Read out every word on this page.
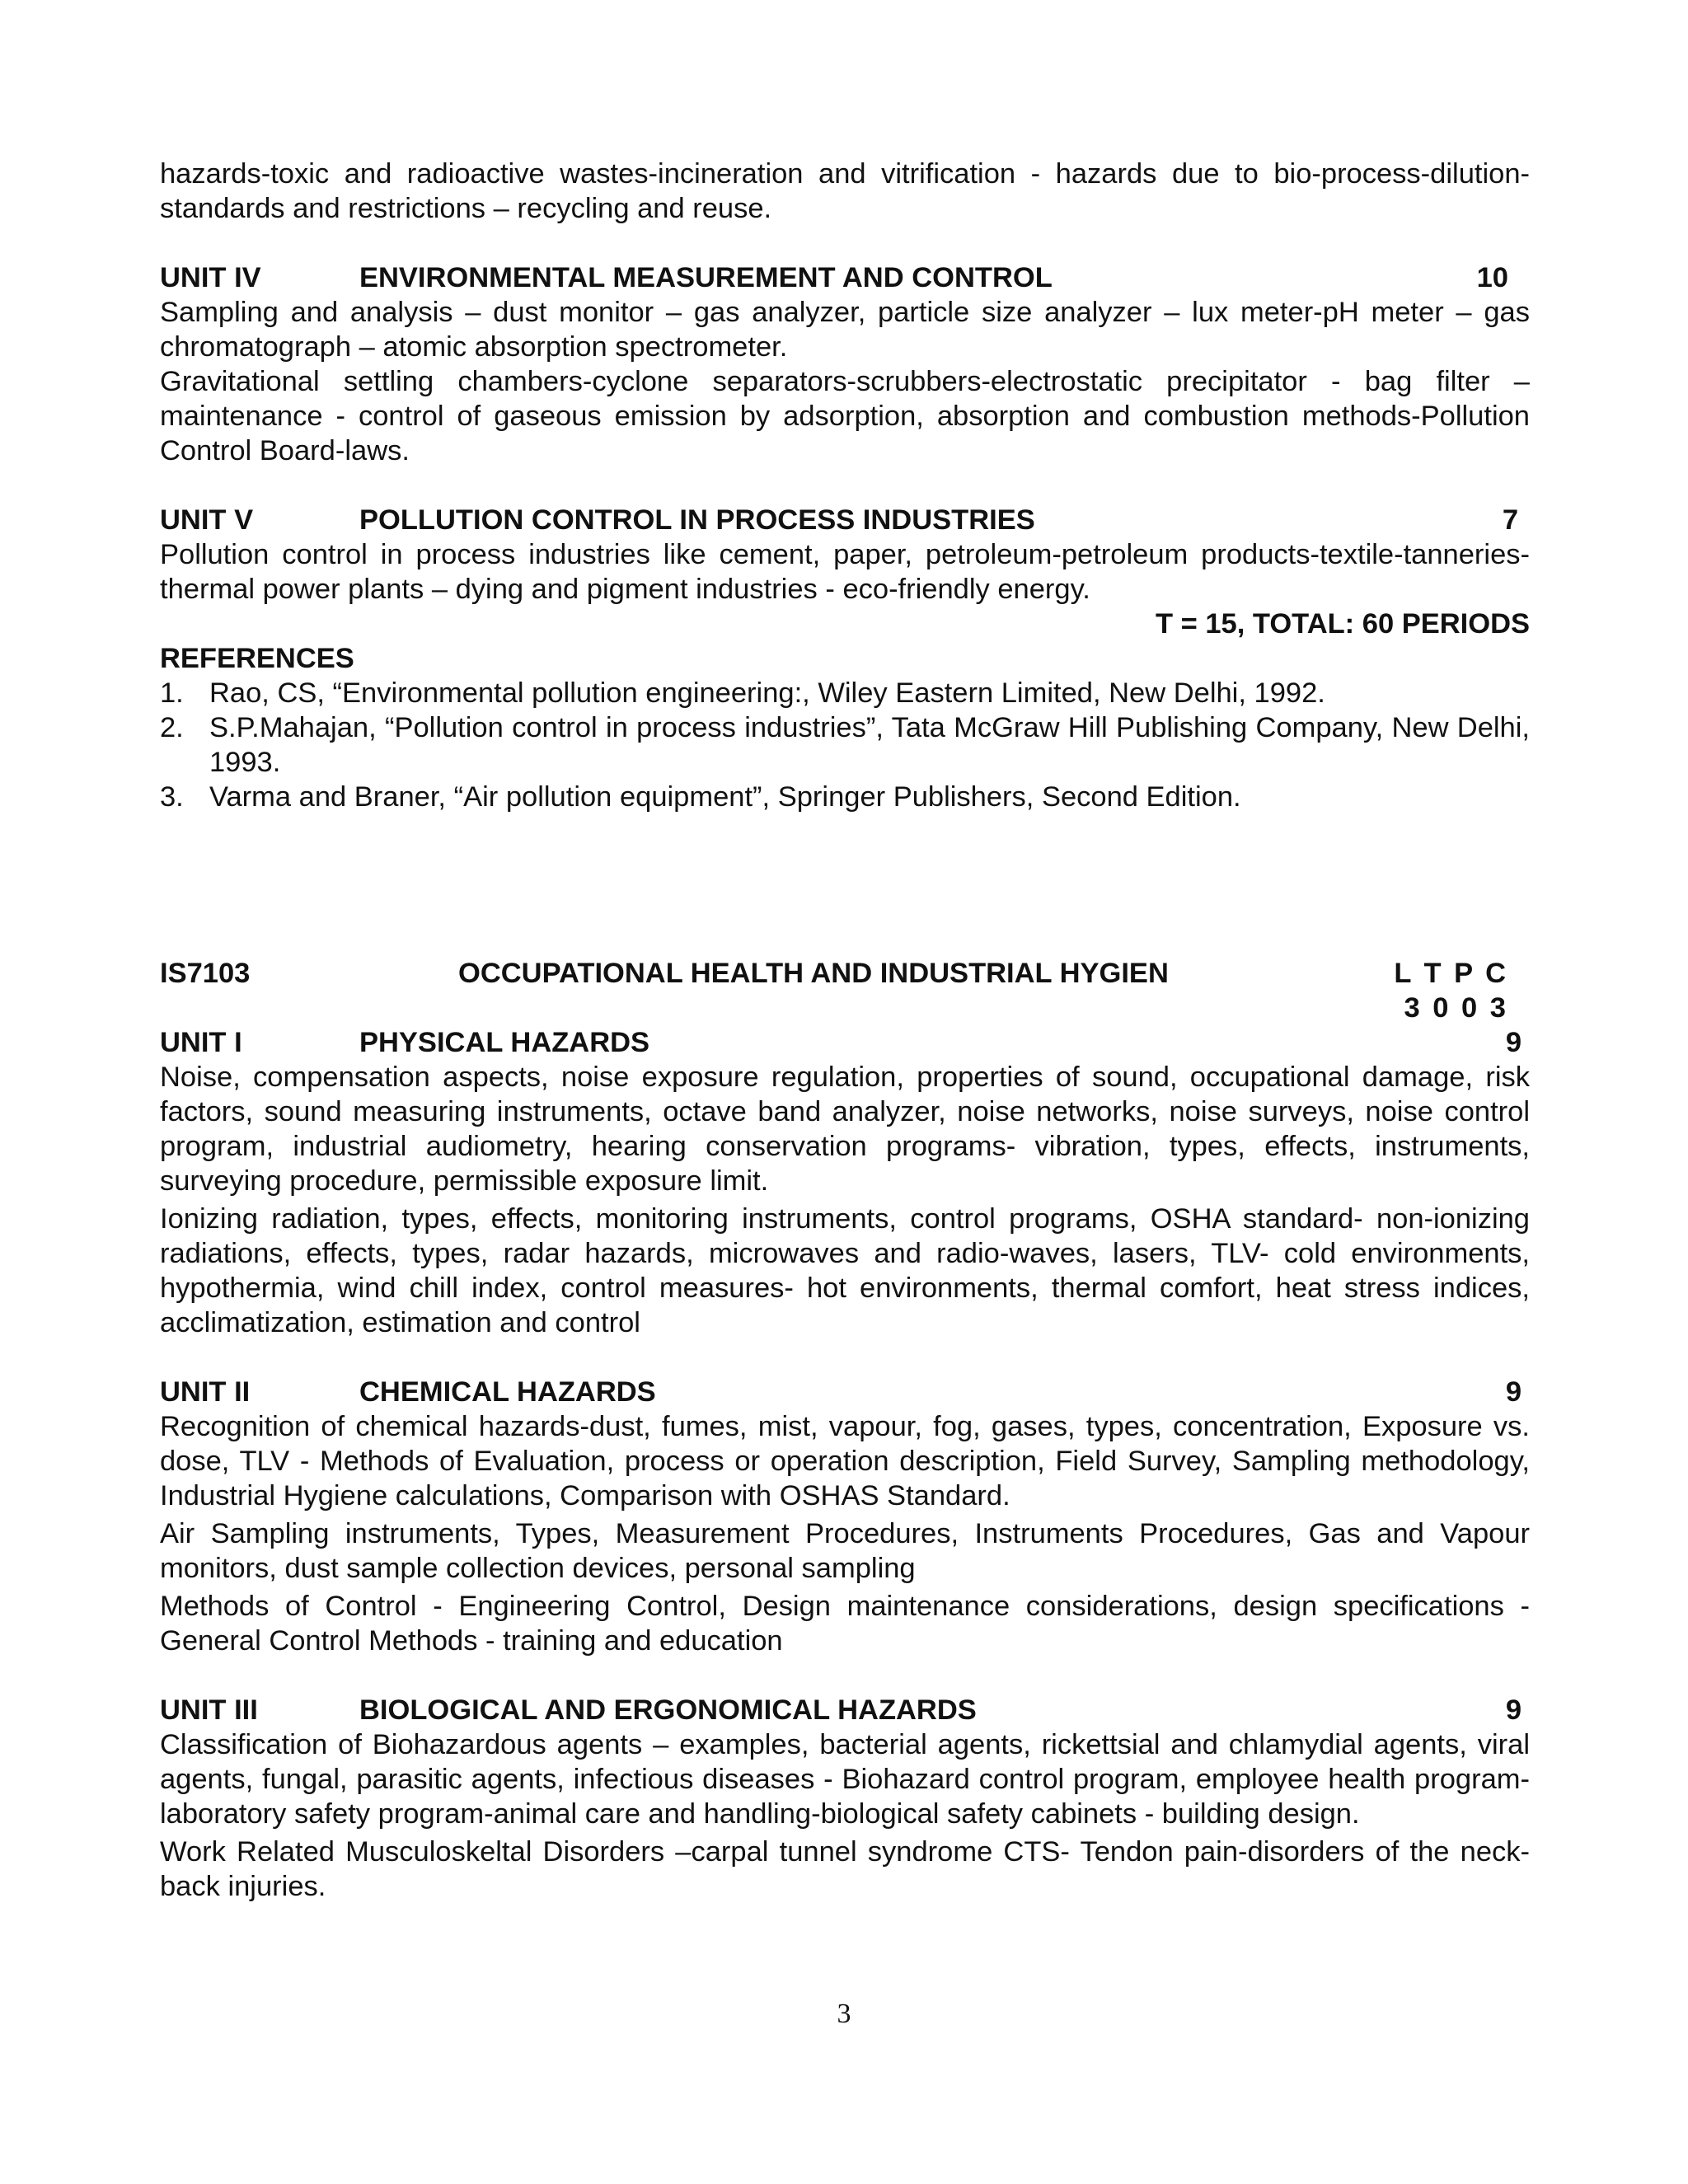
hazards-toxic and radioactive wastes-incineration and vitrification - hazards due to bio-process-dilution-standards and restrictions – recycling and reuse.

UNIT IV	ENVIRONMENTAL MEASUREMENT AND CONTROL	10

Sampling and analysis – dust monitor – gas analyzer, particle size analyzer – lux meter-pH meter – gas chromatograph – atomic absorption spectrometer.

Gravitational settling chambers-cyclone separators-scrubbers-electrostatic precipitator - bag filter – maintenance - control of gaseous emission by adsorption, absorption and combustion methods-Pollution Control Board-laws.

UNIT V	POLLUTION CONTROL IN PROCESS INDUSTRIES	7

Pollution control in process industries like cement, paper, petroleum-petroleum products-textile-tanneries-thermal power plants – dying and pigment industries - eco-friendly energy.

T = 15, TOTAL: 60 PERIODS
REFERENCES
1. Rao, CS, “Environmental pollution engineering:, Wiley Eastern Limited, New Delhi, 1992.
2. S.P.Mahajan, “Pollution control in process industries”, Tata McGraw Hill Publishing Company, New Delhi, 1993.
3. Varma and Braner, “Air pollution equipment”, Springer Publishers, Second Edition.
IS7103	OCCUPATIONAL HEALTH AND INDUSTRIAL HYGIEN	L T P C
3 0 0 3
UNIT I	PHYSICAL HAZARDS	9

Noise, compensation aspects, noise exposure regulation, properties of sound, occupational damage, risk factors, sound measuring instruments, octave band analyzer, noise networks, noise surveys, noise control program, industrial audiometry, hearing conservation programs- vibration, types, effects, instruments, surveying procedure, permissible exposure limit.

Ionizing radiation, types, effects, monitoring instruments, control programs, OSHA standard- non-ionizing radiations, effects, types, radar hazards, microwaves and radio-waves, lasers, TLV- cold environments, hypothermia, wind chill index, control measures- hot environments, thermal comfort, heat stress indices, acclimatization, estimation and control

UNIT II	CHEMICAL HAZARDS	9

Recognition of chemical hazards-dust, fumes, mist, vapour, fog, gases, types, concentration, Exposure vs. dose, TLV - Methods of Evaluation, process or operation description, Field Survey, Sampling methodology, Industrial Hygiene calculations, Comparison with OSHAS Standard.

Air Sampling instruments, Types, Measurement Procedures, Instruments Procedures, Gas and Vapour monitors, dust sample collection devices, personal sampling

Methods of Control - Engineering Control, Design maintenance considerations, design specifications - General Control Methods - training and education

UNIT III	BIOLOGICAL AND ERGONOMICAL HAZARDS	9

Classification of Biohazardous agents – examples, bacterial agents, rickettsial and chlamydial agents, viral agents, fungal, parasitic agents, infectious diseases - Biohazard control program, employee health program-laboratory safety program-animal care and handling-biological safety cabinets - building design.

Work Related Musculoskeltal Disorders –carpal tunnel syndrome CTS- Tendon pain-disorders of the neck- back injuries.

3
